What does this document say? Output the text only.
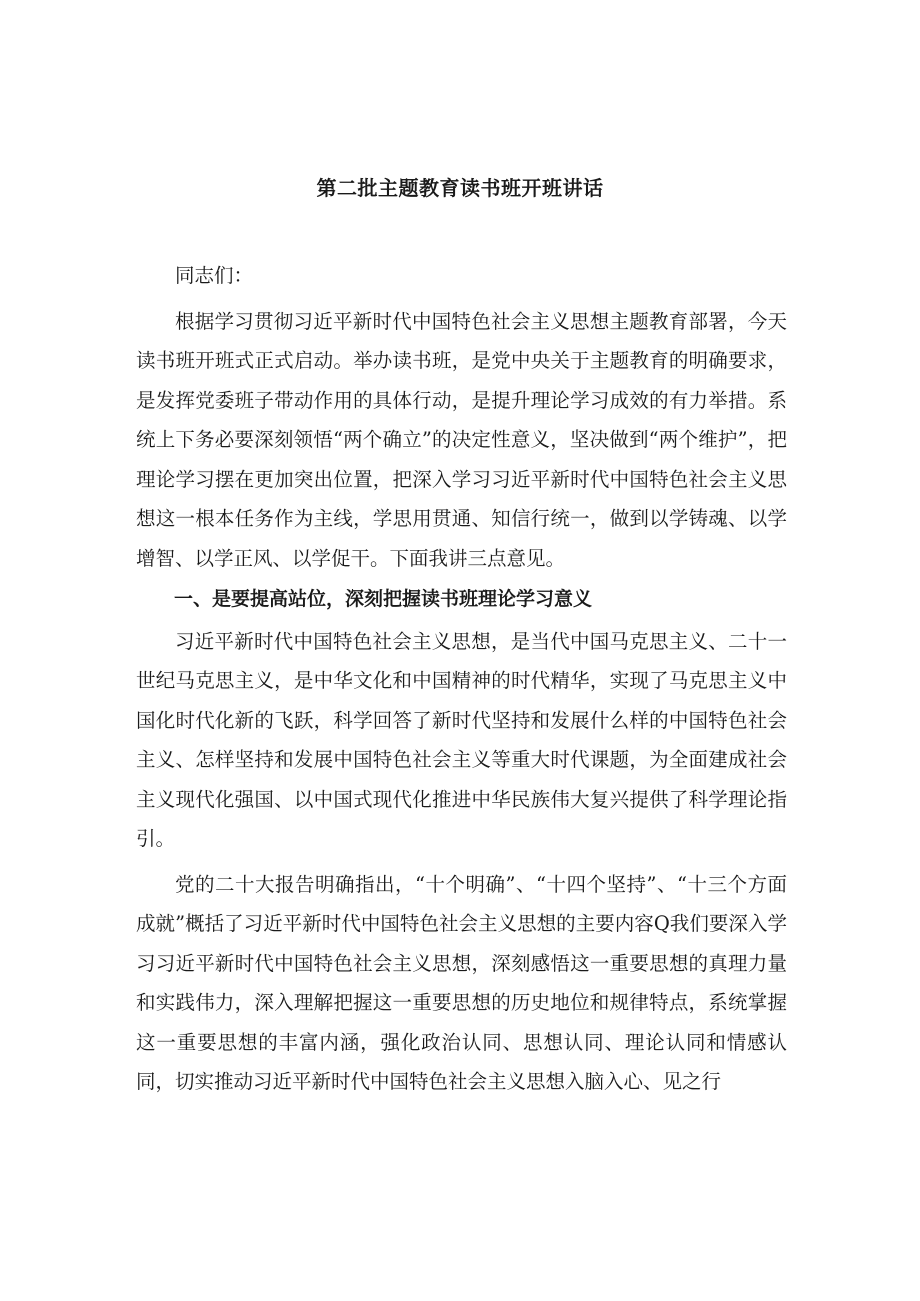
第二批主题教育读书班开班讲话

同志们：

根据学习贯彻习近平新时代中国特色社会主义思想主题教育部署，今天读书班开班式正式启动。举办读书班，是党中央关于主题教育的明确要求，是发挥党委班子带动作用的具体行动，是提升理论学习成效的有力举措。系统上下务必要深刻领悟“两个确立”的决定性意义，坚决做到“两个维护”，把理论学习摆在更加突出位置，把深入学习习近平新时代中国特色社会主义思想这一根本任务作为主线，学思用贯通、知信行统一，做到以学铸魂、以学增智、以学正风、以学促干。下面我讲三点意见。

一、是要提高站位，深刻把握读书班理论学习意义

习近平新时代中国特色社会主义思想，是当代中国马克思主义、二十一世纪马克思主义，是中华文化和中国精神的时代精华，实现了马克思主义中国化时代化新的飞跃，科学回答了新时代坚持和发展什么样的中国特色社会主义、怎样坚持和发展中国特色社会主义等重大时代课题，为全面建成社会主义现代化强国、以中国式现代化推进中华民族伟大复兴提供了科学理论指引。

党的二十大报告明确指出，“十个明确”、“十四个坚持”、“十三个方面成就”概括了习近平新时代中国特色社会主义思想的主要内容Q我们要深入学习习近平新时代中国特色社会主义思想，深刻感悟这一重要思想的真理力量和实践伟力，深入理解把握这一重要思想的历史地位和规律特点，系统掌握这一重要思想的丰富内涵，强化政治认同、思想认同、理论认同和情感认同，切实推动习近平新时代中国特色社会主义思想入脑入心、见之行
